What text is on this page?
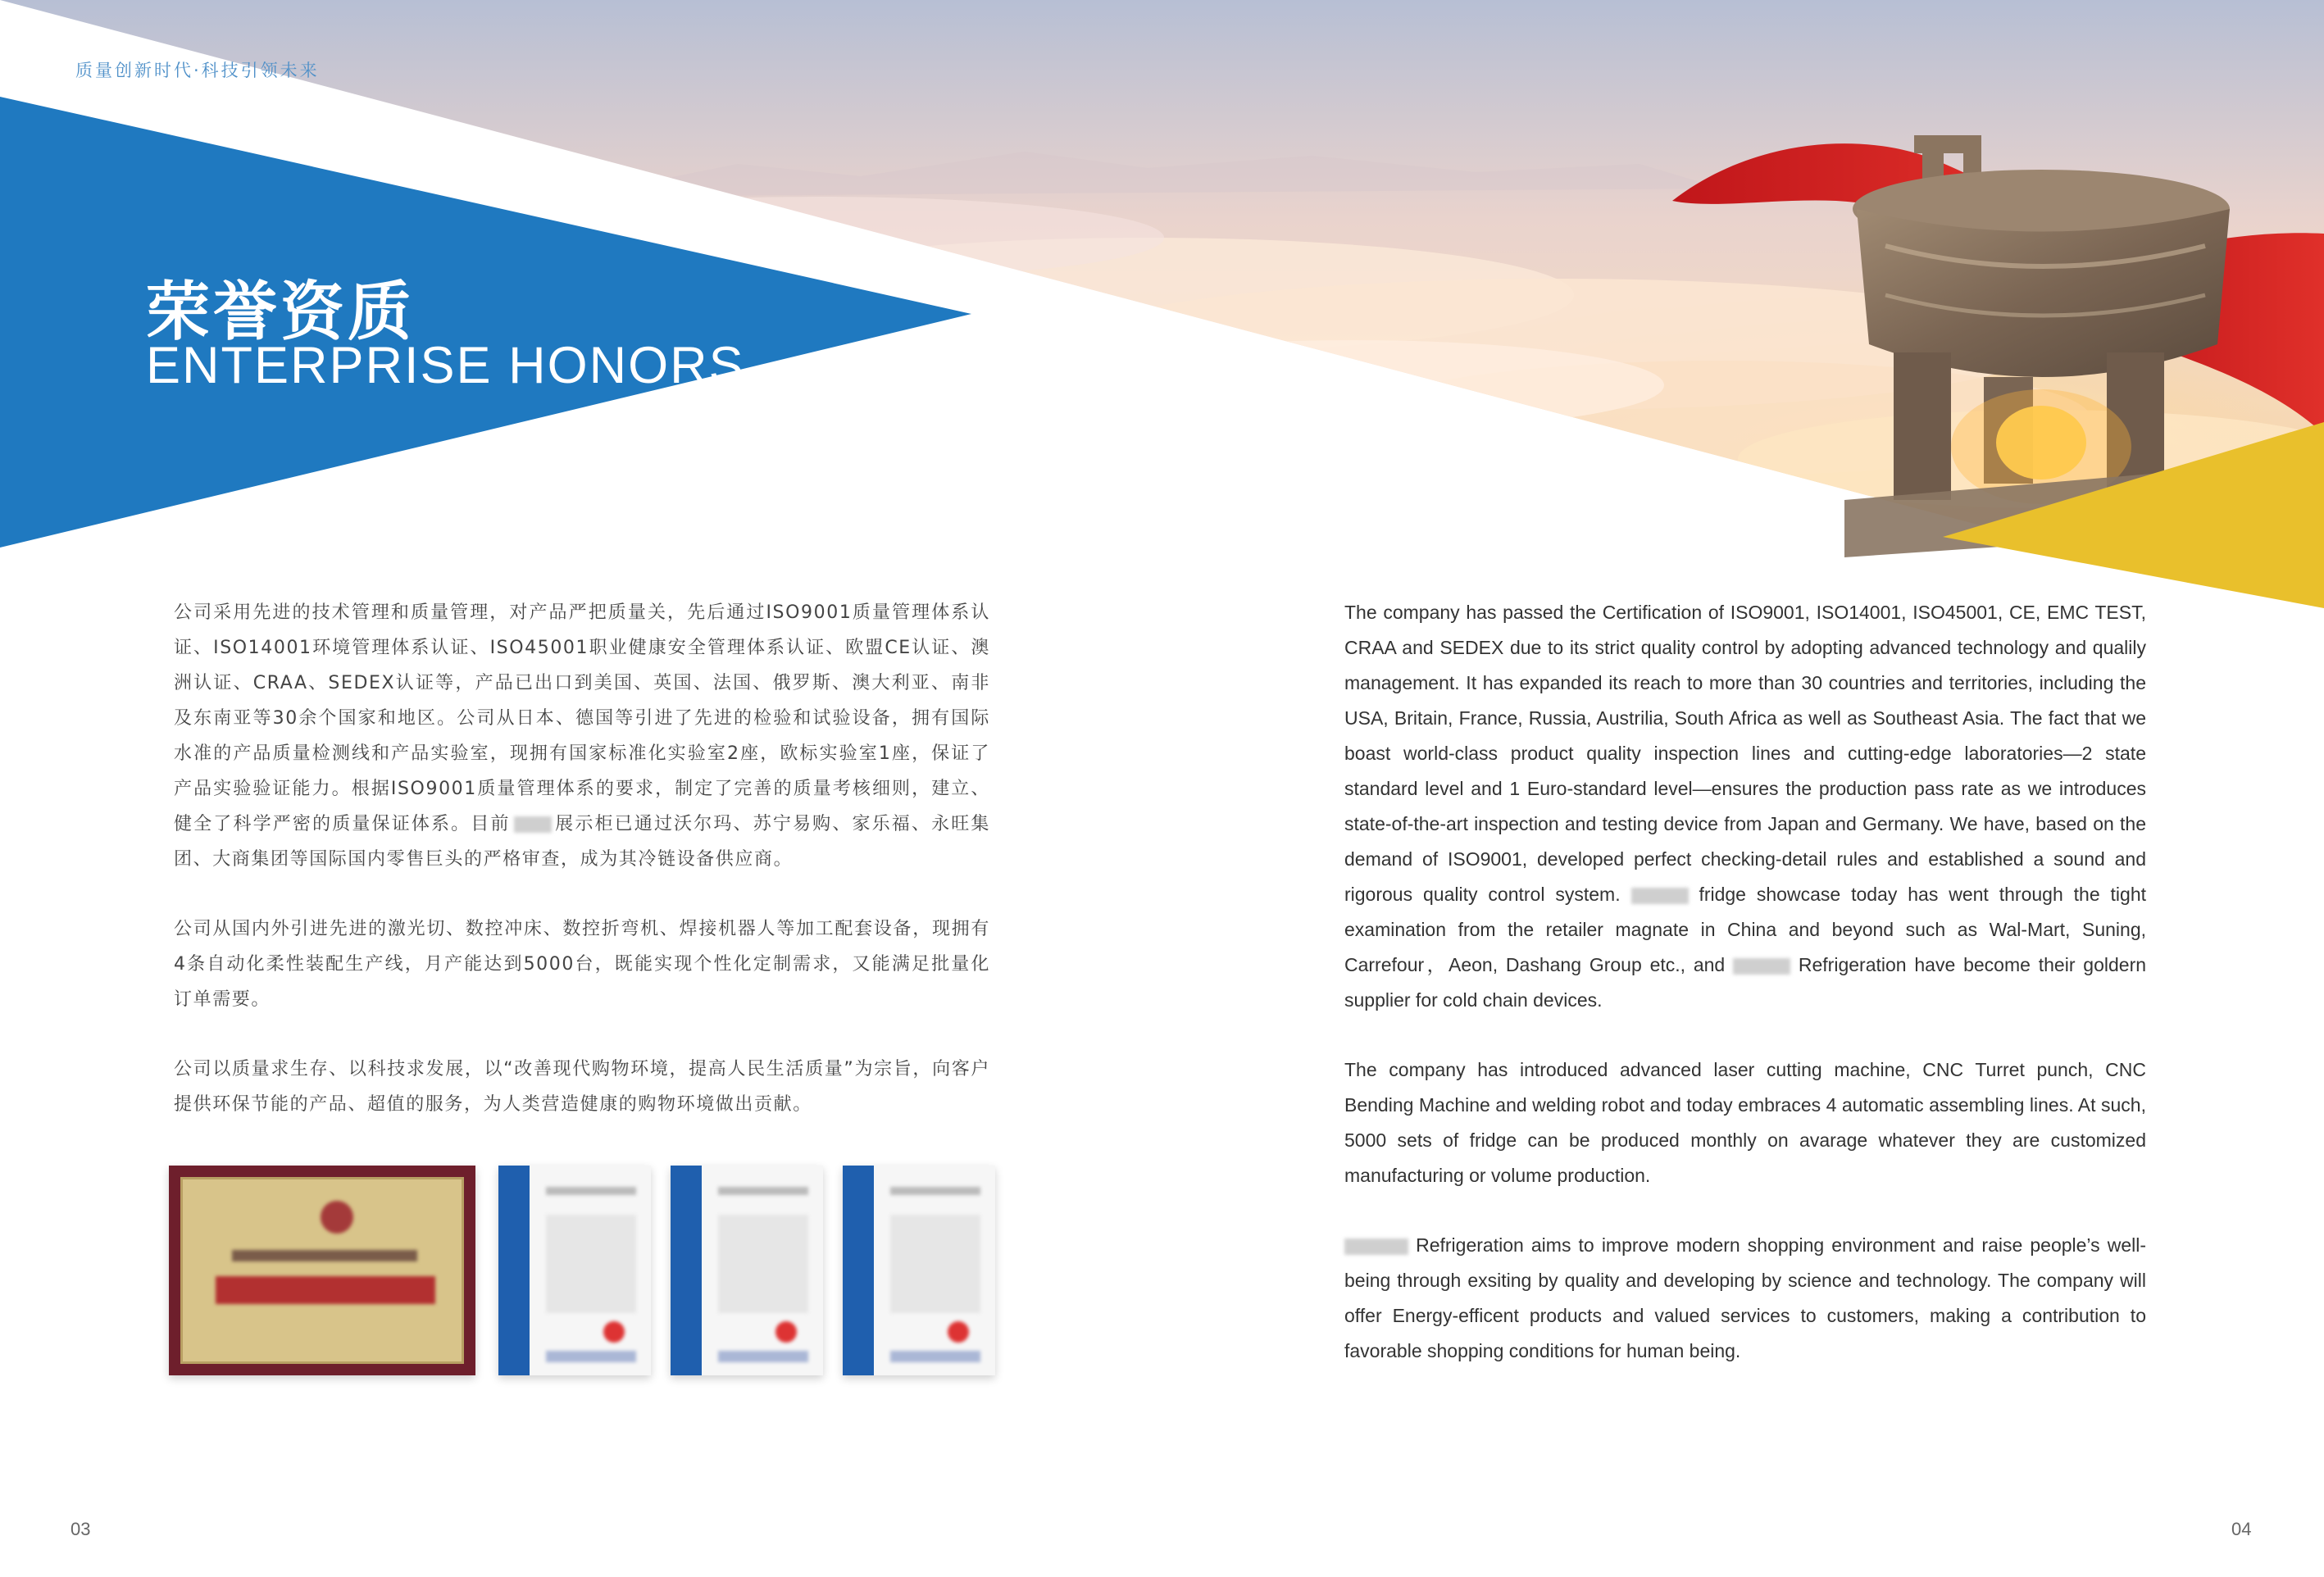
质量创新时代·科技引领未来
荣誉资质
ENTERPRISE HONORS

公司采用先进的技术管理和质量管理，对产品严把质量关，先后通过ISO9001质量管理体系认证、ISO14001环境管理体系认证、ISO45001职业健康安全管理体系认证、欧盟CE认证、澳洲认证、CRAA、SEDEX认证等，产品已出口到美国、英国、法国、俄罗斯、澳大利亚、南非及东南亚等30余个国家和地区。公司从日本、德国等引进了先进的检验和试验设备，拥有国际水准的产品质量检测线和产品实验室，现拥有国家标准化实验室2座，欧标实验室1座，保证了产品实验验证能力。根据ISO9001质量管理体系的要求，制定了完善的质量考核细则，建立、健全了科学严密的质量保证体系。目前 展示柜已通过沃尔玛、苏宁易购、家乐福、永旺集团、大商集团等国际国内零售巨头的严格审查，成为其冷链设备供应商。

公司从国内外引进先进的激光切、数控冲床、数控折弯机、焊接机器人等加工配套设备，现拥有4条自动化柔性装配生产线，月产能达到5000台，既能实现个性化定制需求，又能满足批量化订单需要。

公司以质量求生存、以科技求发展，以“改善现代购物环境，提高人民生活质量”为宗旨，向客户提供环保节能的产品、超值的服务，为人类营造健康的购物环境做出贡献。

The company has passed the Certification of ISO9001, ISO14001, ISO45001, CE, EMC TEST, CRAA and SEDEX due to its strict quality control by adopting advanced technology and qualily management. It has expanded its reach to more than 30 countries and territories, including the USA, Britain, France, Russia, Austrilia, South Africa as well as Southeast Asia. The fact that we boast world-class product quality inspection lines and cutting-edge laboratories—2 state standard level and 1 Euro-standard level—ensures the production pass rate as we introduces state-of-the-art inspection and testing device from Japan and Germany. We have, based on the demand of ISO9001, developed perfect checking-detail rules and established a sound and rigorous quality control system.	fridge showcase today has went through the tight examination from the retailer magnate in China and beyond such as Wal-Mart, Suning, Carrefour，Aeon, Dashang Group etc., and	Refrigeration have become their goldern supplier for cold chain devices.

The company has introduced advanced laser cutting machine, CNC Turret punch, CNC Bending Machine and welding robot and today embraces 4 automatic assembling lines. At such, 5000 sets of fridge can be produced monthly on avarage whatever they are customized manufacturing or volume production.

Refrigeration aims to improve modern shopping environment and raise people’s well-being through exsiting by quality and developing by science and technology. The company will offer Energy-efficent products and valued services to customers, making a contribution to favorable shopping conditions for human being.

03	04
